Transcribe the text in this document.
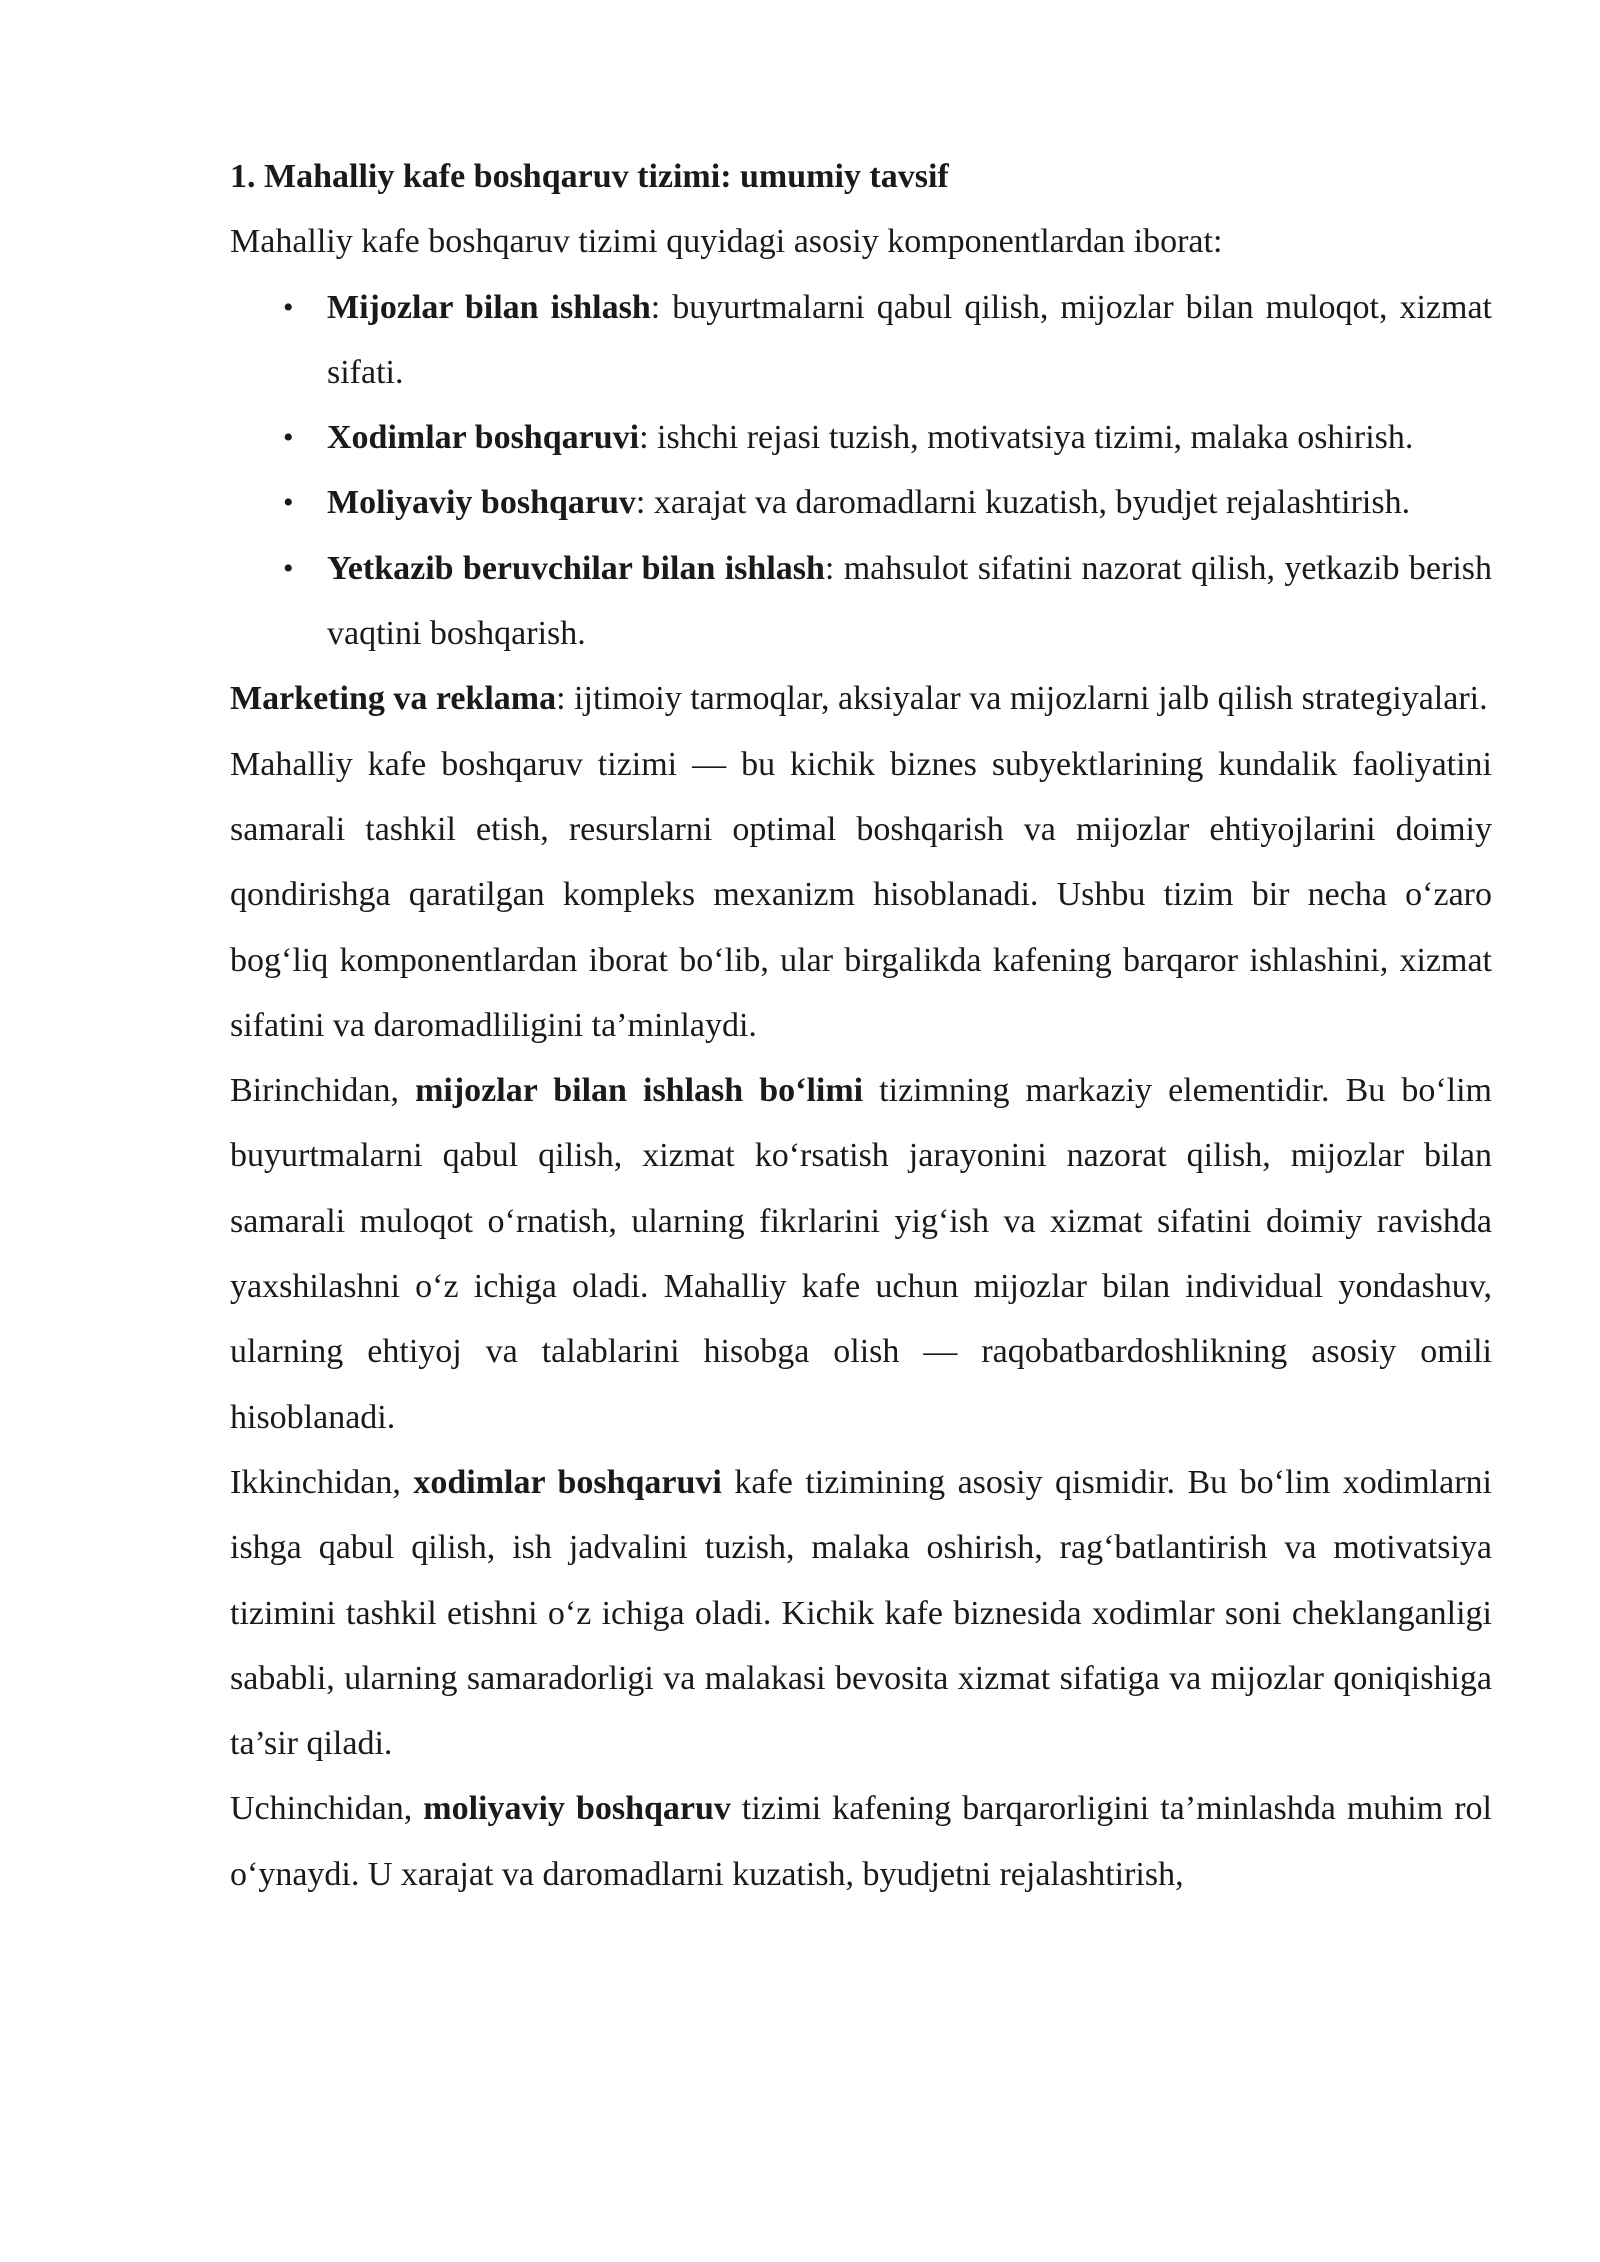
1. Mahalliy kafe boshqaruv tizimi: umumiy tavsif

Mahalliy kafe boshqaruv tizimi quyidagi asosiy komponentlardan iborat:

• Mijozlar bilan ishlash: buyurtmalarni qabul qilish, mijozlar bilan muloqot, xizmat sifati.
• Xodimlar boshqaruvi: ishchi rejasi tuzish, motivatsiya tizimi, malaka oshirish.
• Moliyaviy boshqaruv: xarajat va daromadlarni kuzatish, byudjet rejalashtirish.
• Yetkazib beruvchilar bilan ishlash: mahsulot sifatini nazorat qilish, yetkazib berish vaqtini boshqarish.

Marketing va reklama: ijtimoiy tarmoqlar, aksiyalar va mijozlarni jalb qilish strategiyalari.

Mahalliy kafe boshqaruv tizimi — bu kichik biznes subyektlarining kundalik faoliyatini samarali tashkil etish, resurslarni optimal boshqarish va mijozlar ehtiyojlarini doimiy qondirishga qaratilgan kompleks mexanizm hisoblanadi. Ushbu tizim bir necha o‘zaro bog‘liq komponentlardan iborat bo‘lib, ular birgalikda kafening barqaror ishlashini, xizmat sifatini va daromadliligini ta’minlaydi.

Birinchidan, mijozlar bilan ishlash bo‘limi tizimning markaziy elementidir. Bu bo‘lim buyurtmalarni qabul qilish, xizmat ko‘rsatish jarayonini nazorat qilish, mijozlar bilan samarali muloqot o‘rnatish, ularning fikrlarini yig‘ish va xizmat sifatini doimiy ravishda yaxshilashni o‘z ichiga oladi. Mahalliy kafe uchun mijozlar bilan individual yondashuv, ularning ehtiyoj va talablarini hisobga olish — raqobatbardoshlikning asosiy omili hisoblanadi.

Ikkinchidan, xodimlar boshqaruvi kafe tizimining asosiy qismidir. Bu bo‘lim xodimlarni ishga qabul qilish, ish jadvalini tuzish, malaka oshirish, rag‘batlantirish va motivatsiya tizimini tashkil etishni o‘z ichiga oladi. Kichik kafe biznesida xodimlar soni cheklanganligi sababli, ularning samaradorligi va malakasi bevosita xizmat sifatiga va mijozlar qoniqishiga ta’sir qiladi.

Uchinchidan, moliyaviy boshqaruv tizimi kafening barqarorligini ta’minlashda muhim rol o‘ynaydi. U xarajat va daromadlarni kuzatish, byudjetni rejalashtirish,
